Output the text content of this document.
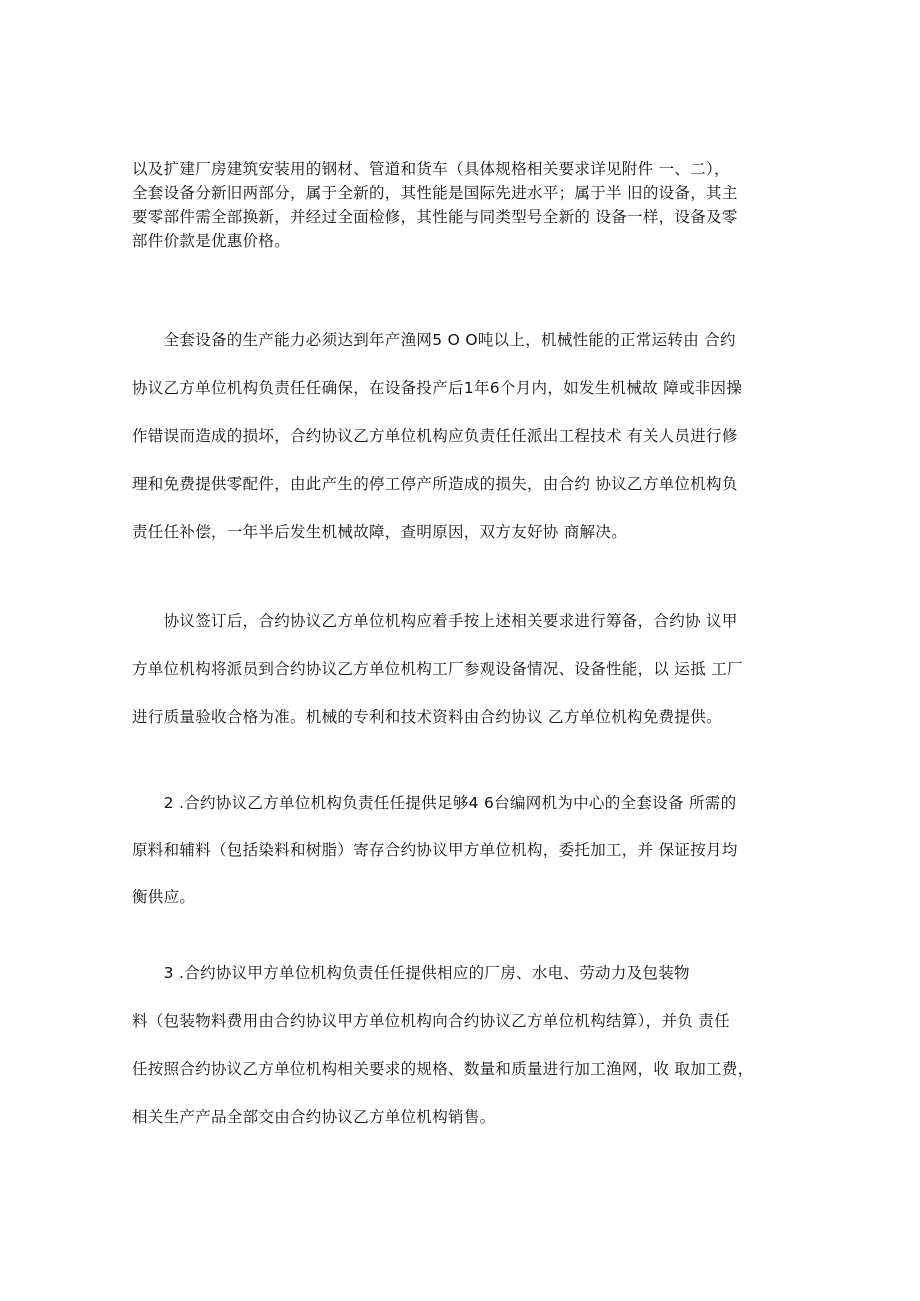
以及扩建厂房建筑安装用的钢材、管道和货车（具体规格相关要求详见附件 一、二），
全套设备分新旧两部分，属于全新的，其性能是国际先进水平；属于半 旧的设备，其主
要零部件需全部换新，并经过全面检修，其性能与同类型号全新的 设备一样，设备及零
部件价款是优惠价格。

　　全套设备的生产能力必须达到年产渔网5 O O吨以上，机械性能的正常运转由 合约
协议乙方单位机构负责任任确保，在设备投产后1年6个月内，如发生机械故 障或非因操
作错误而造成的损坏，合约协议乙方单位机构应负责任任派出工程技术 有关人员进行修
理和免费提供零配件，由此产生的停工停产所造成的损失，由合约 协议乙方单位机构负
责任任补偿，一年半后发生机械故障，查明原因，双方友好协 商解决。

　　协议签订后，合约协议乙方单位机构应着手按上述相关要求进行筹备，合约协 议甲
方单位机构将派员到合约协议乙方单位机构工厂参观设备情况、设备性能，以 运抵 工厂
进行质量验收合格为准。机械的专利和技术资料由合约协议 乙方单位机构免费提供。

　　2 .合约协议乙方单位机构负责任任提供足够4 6台编网机为中心的全套设备 所需的
原料和辅料（包括染料和树脂）寄存合约协议甲方单位机构，委托加工，并 保证按月均
衡供应。

　　3 .合约协议甲方单位机构负责任任提供相应的厂房、水电、劳动力及包装物
料（包装物料费用由合约协议甲方单位机构向合约协议乙方单位机构结算），并负 责任
任按照合约协议乙方单位机构相关要求的规格、数量和质量进行加工渔网，收 取加工费，
相关生产产品全部交由合约协议乙方单位机构销售。
